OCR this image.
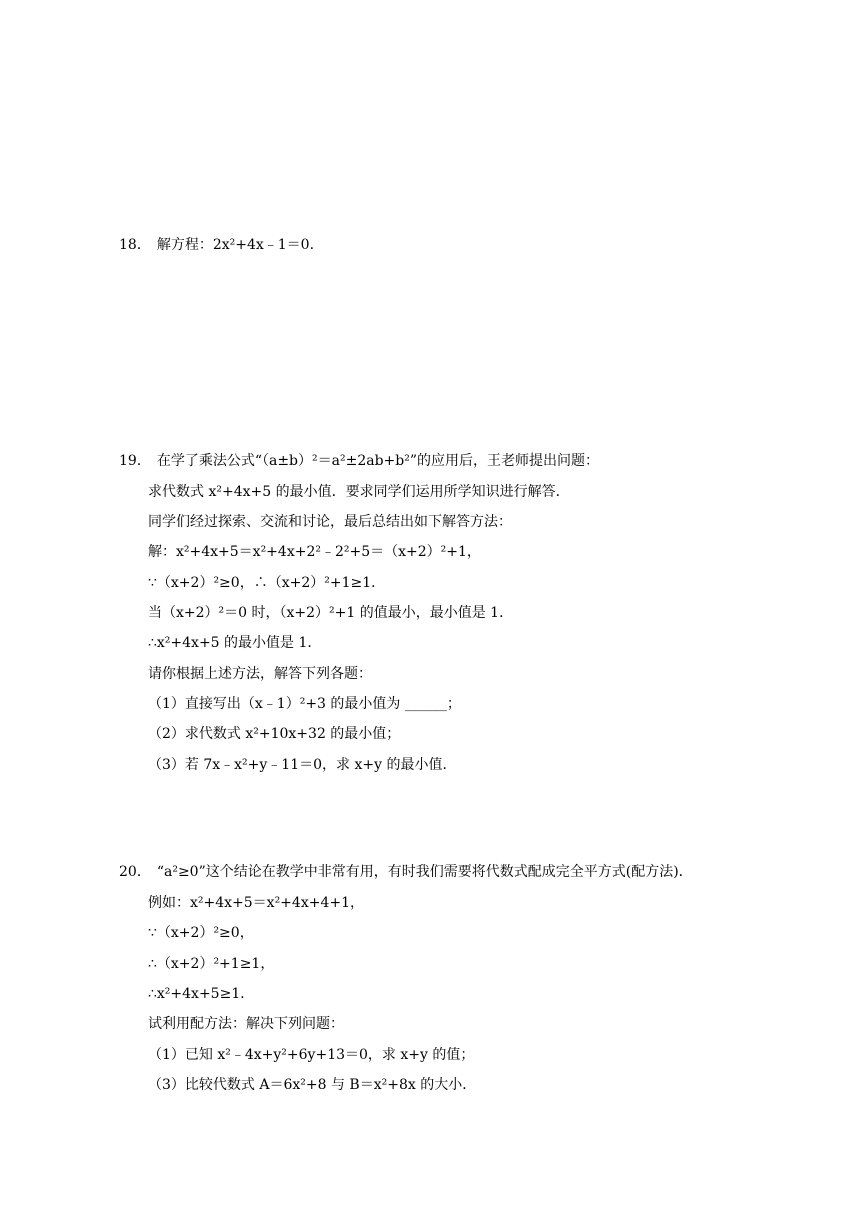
18． 解方程：2x²+4x﹣1＝0.
19． 在学了乘法公式“（a±b）²＝a²±2ab+b²”的应用后，王老师提出问题：
求代数式 x²+4x+5 的最小值．要求同学们运用所学知识进行解答．
同学们经过探索、交流和讨论，最后总结出如下解答方法：
解：x²+4x+5＝x²+4x+2²﹣2²+5＝（x+2）²+1，
∵（x+2）²≥0，∴（x+2）²+1≥1．
当（x+2）²＝0 时，（x+2）²+1 的值最小，最小值是 1．
∴x²+4x+5 的最小值是 1．
请你根据上述方法，解答下列各题：
（1）直接写出（x﹣1）²+3 的最小值为 ______；
（2）求代数式 x²+10x+32 的最小值；
（3）若 7x﹣x²+y﹣11＝0，求 x+y 的最小值．
20． “a²≥0”这个结论在教学中非常有用，有时我们需要将代数式配成完全平方式(配方法)．
例如：x²+4x+5＝x²+4x+4+1，
∵（x+2）²≥0，
∴（x+2）²+1≥1，
∴x²+4x+5≥1．
试利用配方法：解决下列问题：
（1）已知 x²﹣4x+y²+6y+13＝0，求 x+y 的值；
（3）比较代数式 A＝6x²+8 与 B＝x²+8x 的大小．
